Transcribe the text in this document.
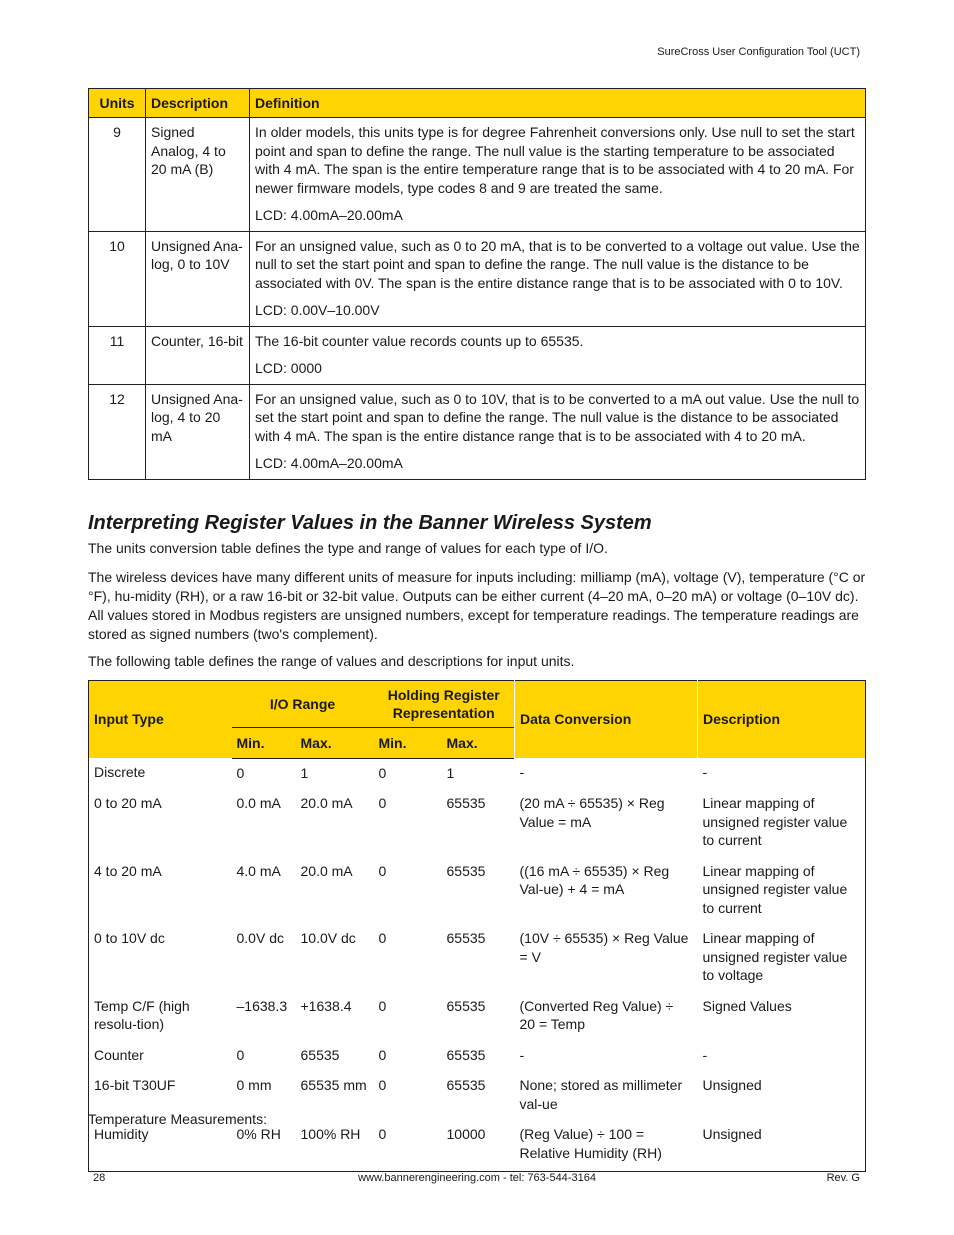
SureCross User Configuration Tool (UCT)
Units	Description	Definition
9	Signed Analog, 4 to 20 mA (B)	In older models, this units type is for degree Fahrenheit conversions only. Use null to set the start point and span to define the range. The null value is the starting temperature to be associated with 4 mA. The span is the entire temperature range that is to be associated with 4 to 20 mA. For newer firmware models, type codes 8 and 9 are treated the same.

LCD: 4.00mA–20.00mA

10	Unsigned Ana-log, 0 to 10V	For an unsigned value, such as 0 to 20 mA, that is to be converted to a voltage out value. Use the null to set the start point and span to define the range. The null value is the distance to be associated with 0V. The span is the entire distance range that is to be associated with 0 to 10V.

LCD: 0.00V–10.00V

11	Counter, 16-bit	The 16-bit counter value records counts up to 65535.

LCD: 0000

12	Unsigned Ana-log, 4 to 20 mA	For an unsigned value, such as 0 to 10V, that is to be converted to a mA out value. Use the null to set the start point and span to define the range. The null value is the distance to be associated with 4 mA. The span is the entire distance range that is to be associated with 4 to 20 mA.

LCD: 4.00mA–20.00mA

Interpreting Register Values in the Banner Wireless System

The units conversion table defines the type and range of values for each type of I/O.

The wireless devices have many different units of measure for inputs including: milliamp (mA), voltage (V), temperature (°C or °F), hu-midity (RH), or a raw 16-bit or 32-bit value. Outputs can be either current (4–20 mA, 0–20 mA) or voltage (0–10V dc). All values stored in Modbus registers are unsigned numbers, except for temperature readings. The temperature readings are stored as signed numbers (two's complement).

The following table defines the range of values and descriptions for input units.

Input Type	I/O Range		Holding Register Representation		Data Conversion	Description
	Min.	Max.	Min.	Max.		
Discrete	0	1	0	1	-	-
0 to 20 mA	0.0 mA	20.0 mA	0	65535	(20 mA ÷ 65535) × Reg Value = mA	Linear mapping of unsigned register value to current
4 to 20 mA	4.0 mA	20.0 mA	0	65535	((16 mA ÷ 65535) × Reg Val-ue) + 4 = mA	Linear mapping of unsigned register value to current
0 to 10V dc	0.0V dc	10.0V dc	0	65535	(10V ÷ 65535) × Reg Value = V	Linear mapping of unsigned register value to voltage
Temp C/F (high resolu-tion)	–1638.3	+1638.4	0	65535	(Converted Reg Value) ÷ 20 = Temp	Signed Values
Counter	0	65535	0	65535	-	-
16-bit T30UF	0 mm	65535 mm	0	65535	None; stored as millimeter val-ue	Unsigned
Humidity	0% RH	100% RH	0	10000	(Reg Value) ÷ 100 = Relative Humidity (RH)	Unsigned
Temperature Measurements:
28	www.bannerengineering.com - tel: 763-544-3164	Rev. G
